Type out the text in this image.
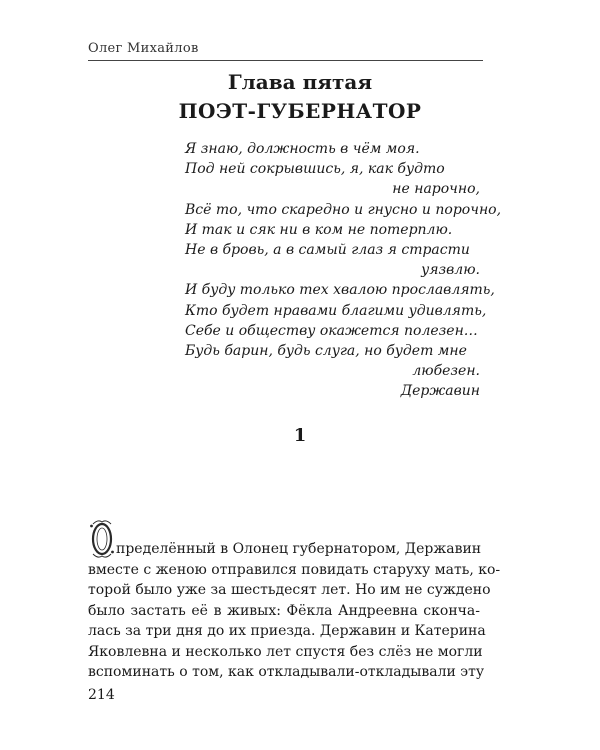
Олег Михайлов
Глава пятая
ПОЭТ-ГУБЕРНАТОР
Я знаю, должность в чём моя.
Под ней сокрывшись, я, как будто
не нарочно,
Всё то, что скаредно и гнусно и порочно,
И так и сяк ни в ком не потерплю.
Не в бровь, а в самый глаз я страсти
уязвлю.
И буду только тех хвалою прославлять,
Кто будет нравами благими удивлять,
Себе и обществу окажется полезен…
Будь барин, будь слуга, но будет мне
любезен.
Державин
1
пределённый в Олонец губернатором, Державин
вместе с женою отправился повидать старуху мать, ко-
торой было уже за шестьдесят лет. Но им не суждено
было застать её в живых: Фёкла Андреевна сконча-
лась за три дня до их приезда. Державин и Катерина
Яковлевна и несколько лет спустя без слёз не могли
вспоминать о том, как откладывали-откладывали эту
214
